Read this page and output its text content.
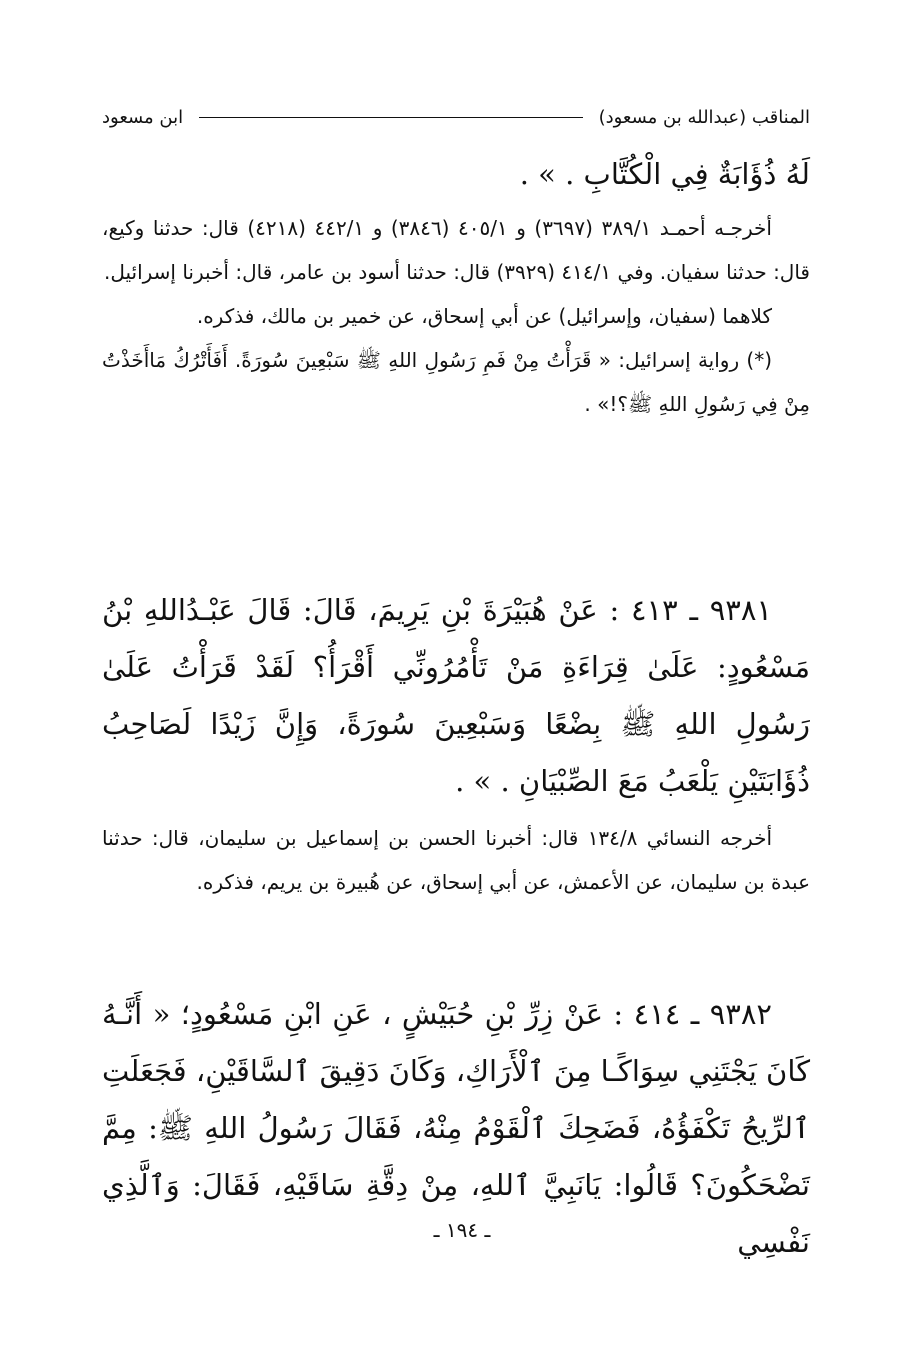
المناقب (عبدالله بن مسعود)
ابن مسعود

لَهُ ذُؤَابَةٌ فِي الْكُتَّابِ . » .

أخرجـه أحمـد ٣٨٩/١ (٣٦٩٧) و ٤٠٥/١ (٣٨٤٦) و ٤٤٢/١ (٤٢١٨) قال: حدثنا وكيع، قال: حدثنا سفيان. وفي ٤١٤/١ (٣٩٢٩) قال: حدثنا أسود بن عامر، قال: أخبرنا إسرائيل.

كلاهما (سفيان، وإسرائيل) عن أبي إسحاق، عن خمير بن مالك، فذكره.

(*) رواية إسرائيل: « قَرَأْتُ مِنْ فَمِ رَسُولِ اللهِ ﷺ سَبْعِينَ سُورَةً. أَفَأَتْرُكُ مَاأَخَذْتُ مِنْ فِي رَسُولِ اللهِ ﷺ؟!» .

٩٣٨١ ـ ٤١٣ : عَنْ هُبَيْرَةَ بْنِ يَرِيمَ، قَالَ: قَالَ عَبْـدُاللهِ بْنُ مَسْعُودٍ: عَلَىٰ قِرَاءَةِ مَنْ تَأْمُرُونِّي أَقْرَأُ؟ لَقَدْ قَرَأْتُ عَلَىٰ رَسُولِ اللهِ ﷺ بِضْعًا وَسَبْعِينَ سُورَةً، وَإِنَّ زَيْدًا لَصَاحِبُ ذُؤَابَتَيْنِ يَلْعَبُ مَعَ الصِّبْيَانِ . » .

أخرجه النسائي ١٣٤/٨ قال: أخبرنا الحسن بن إسماعيل بن سليمان، قال: حدثنا عبدة بن سليمان، عن الأعمش، عن أبي إسحاق، عن هُبيرة بن يريم، فذكره.

٩٣٨٢ ـ ٤١٤ : عَنْ زِرِّ بْنِ حُبَيْشٍ ، عَنِ ابْنِ مَسْعُودٍ؛ « أَنَّـهُ كَانَ يَجْتَنِي سِوَاكًـا مِنَ ٱلْأَرَاكِ، وَكَانَ دَقِيقَ ٱلسَّاقَيْنِ، فَجَعَلَتِ ٱلرِّيحُ تَكْفَؤُهُ، فَضَحِكَ ٱلْقَوْمُ مِنْهُ، فَقَالَ رَسُولُ اللهِ ﷺ: مِمَّ تَضْحَكُونَ؟ قَالُوا: يَانَبِيَّ ٱللهِ، مِنْ دِقَّةِ سَاقَيْهِ، فَقَالَ: وَٱلَّذِي نَفْسِي

ـ ١٩٤ ـ
